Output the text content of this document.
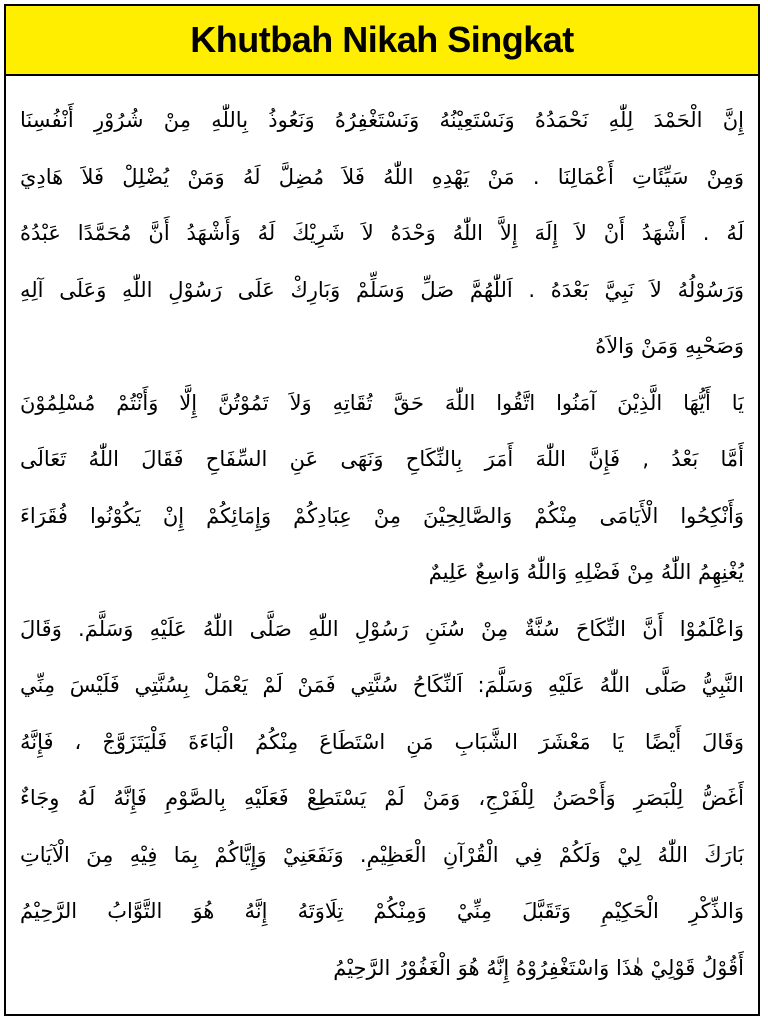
Khutbah Nikah Singkat
إِنَّ الْحَمْدَ لِلّٰهِ نَحْمَدُهُ وَنَسْتَعِيْنُهُ وَنَسْتَغْفِرُهُ وَنَعُوذُ بِاللّٰهِ مِنْ شُرُوْرِ أَنْفُسِنَا
وَمِنْ سَيِّئَاتِ أَعْمَالِنَا . مَنْ يَهْدِهِ اللّٰهُ فَلاَ مُضِلَّ لَهُ وَمَنْ يُضْلِلْ فَلاَ هَادِيَ
لَهُ . أَشْهَدُ أَنْ لاَ إِلَهَ إِلاَّ اللّٰهُ وَحْدَهُ لاَ شَرِيْكَ لَهُ وَأَشْهَدُ أَنَّ مُحَمَّدًا عَبْدُهُ
وَرَسُوْلُهُ لاَ نَبِيَّ بَعْدَهُ . اَللّٰهُمَّ صَلِّ وَسَلِّمْ وَبَارِكْ عَلَى رَسُوْلِ اللّٰهِ وَعَلَى آلِهِ
وَصَحْبِهِ وَمَنْ وَالاَهُ
يَا أَيُّهَا الَّذِيْنَ آمَنُوا اتَّقُوا اللّٰهَ حَقَّ تُقَاتِهِ وَلاَ تَمُوْتُنَّ إِلَّا وَأَنْتُمْ مُسْلِمُوْنَ
أَمَّا بَعْدُ , فَإِنَّ اللّٰهَ أَمَرَ بِالنِّكَاحِ وَنَهَى عَنِ السِّفَاحِ فَقَالَ اللّٰهُ تَعَالَى
وَأَنْكِحُوا الْأَيَامَى مِنْكُمْ وَالصَّالِحِيْنَ مِنْ عِبَادِكُمْ وَإِمَائِكُمْ إِنْ يَكُوْنُوا فُقَرَاءَ
يُغْنِهِمُ اللّٰهُ مِنْ فَضْلِهِ وَاللّٰهُ وَاسِعٌ عَلِيمٌ
وَاعْلَمُوْا أَنَّ النِّكَاحَ سُنَّةٌ مِنْ سُنَنِ رَسُوْلِ اللّٰهِ صَلَّى اللّٰهُ عَلَيْهِ وَسَلَّمَ. وَقَالَ
النَّبِيُّ صَلَّى اللّٰهُ عَلَيْهِ وَسَلَّمَ: اَلنِّكَاحُ سُنَّتِي فَمَنْ لَمْ يَعْمَلْ بِسُنَّتِي فَلَيْسَ مِنِّي
وَقَالَ أَيْضًا يَا مَعْشَرَ الشَّبَابِ مَنِ اسْتَطَاعَ مِنْكُمُ الْبَاءَةَ فَلْيَتَزَوَّجْ ، فَإِنَّهُ
أَغَضُّ لِلْبَصَرِ وَأَحْصَنُ لِلْفَرْجِ، وَمَنْ لَمْ يَسْتَطِعْ فَعَلَيْهِ بِالصَّوْمِ فَإِنَّهُ لَهُ وِجَاءٌ
بَارَكَ اللّٰهُ لِيْ وَلَكُمْ فِي الْقُرْآنِ الْعَظِيْمِ. وَنَفَعَنِيْ وَإِيَّاكُمْ بِمَا فِيْهِ مِنَ الْآيَاتِ
وَالذِّكْرِ الْحَكِيْمِ وَتَقَبَّلَ مِنِّيْ وَمِنْكُمْ تِلَاوَتَهُ إِنَّهُ هُوَ التَّوَّابُ الرَّحِيْمُ
أَقُوْلُ قَوْلِيْ هٰذَا وَاسْتَغْفِرُوْهُ إِنَّهُ هُوَ الْغَفُوْرُ الرَّحِيْمُ
